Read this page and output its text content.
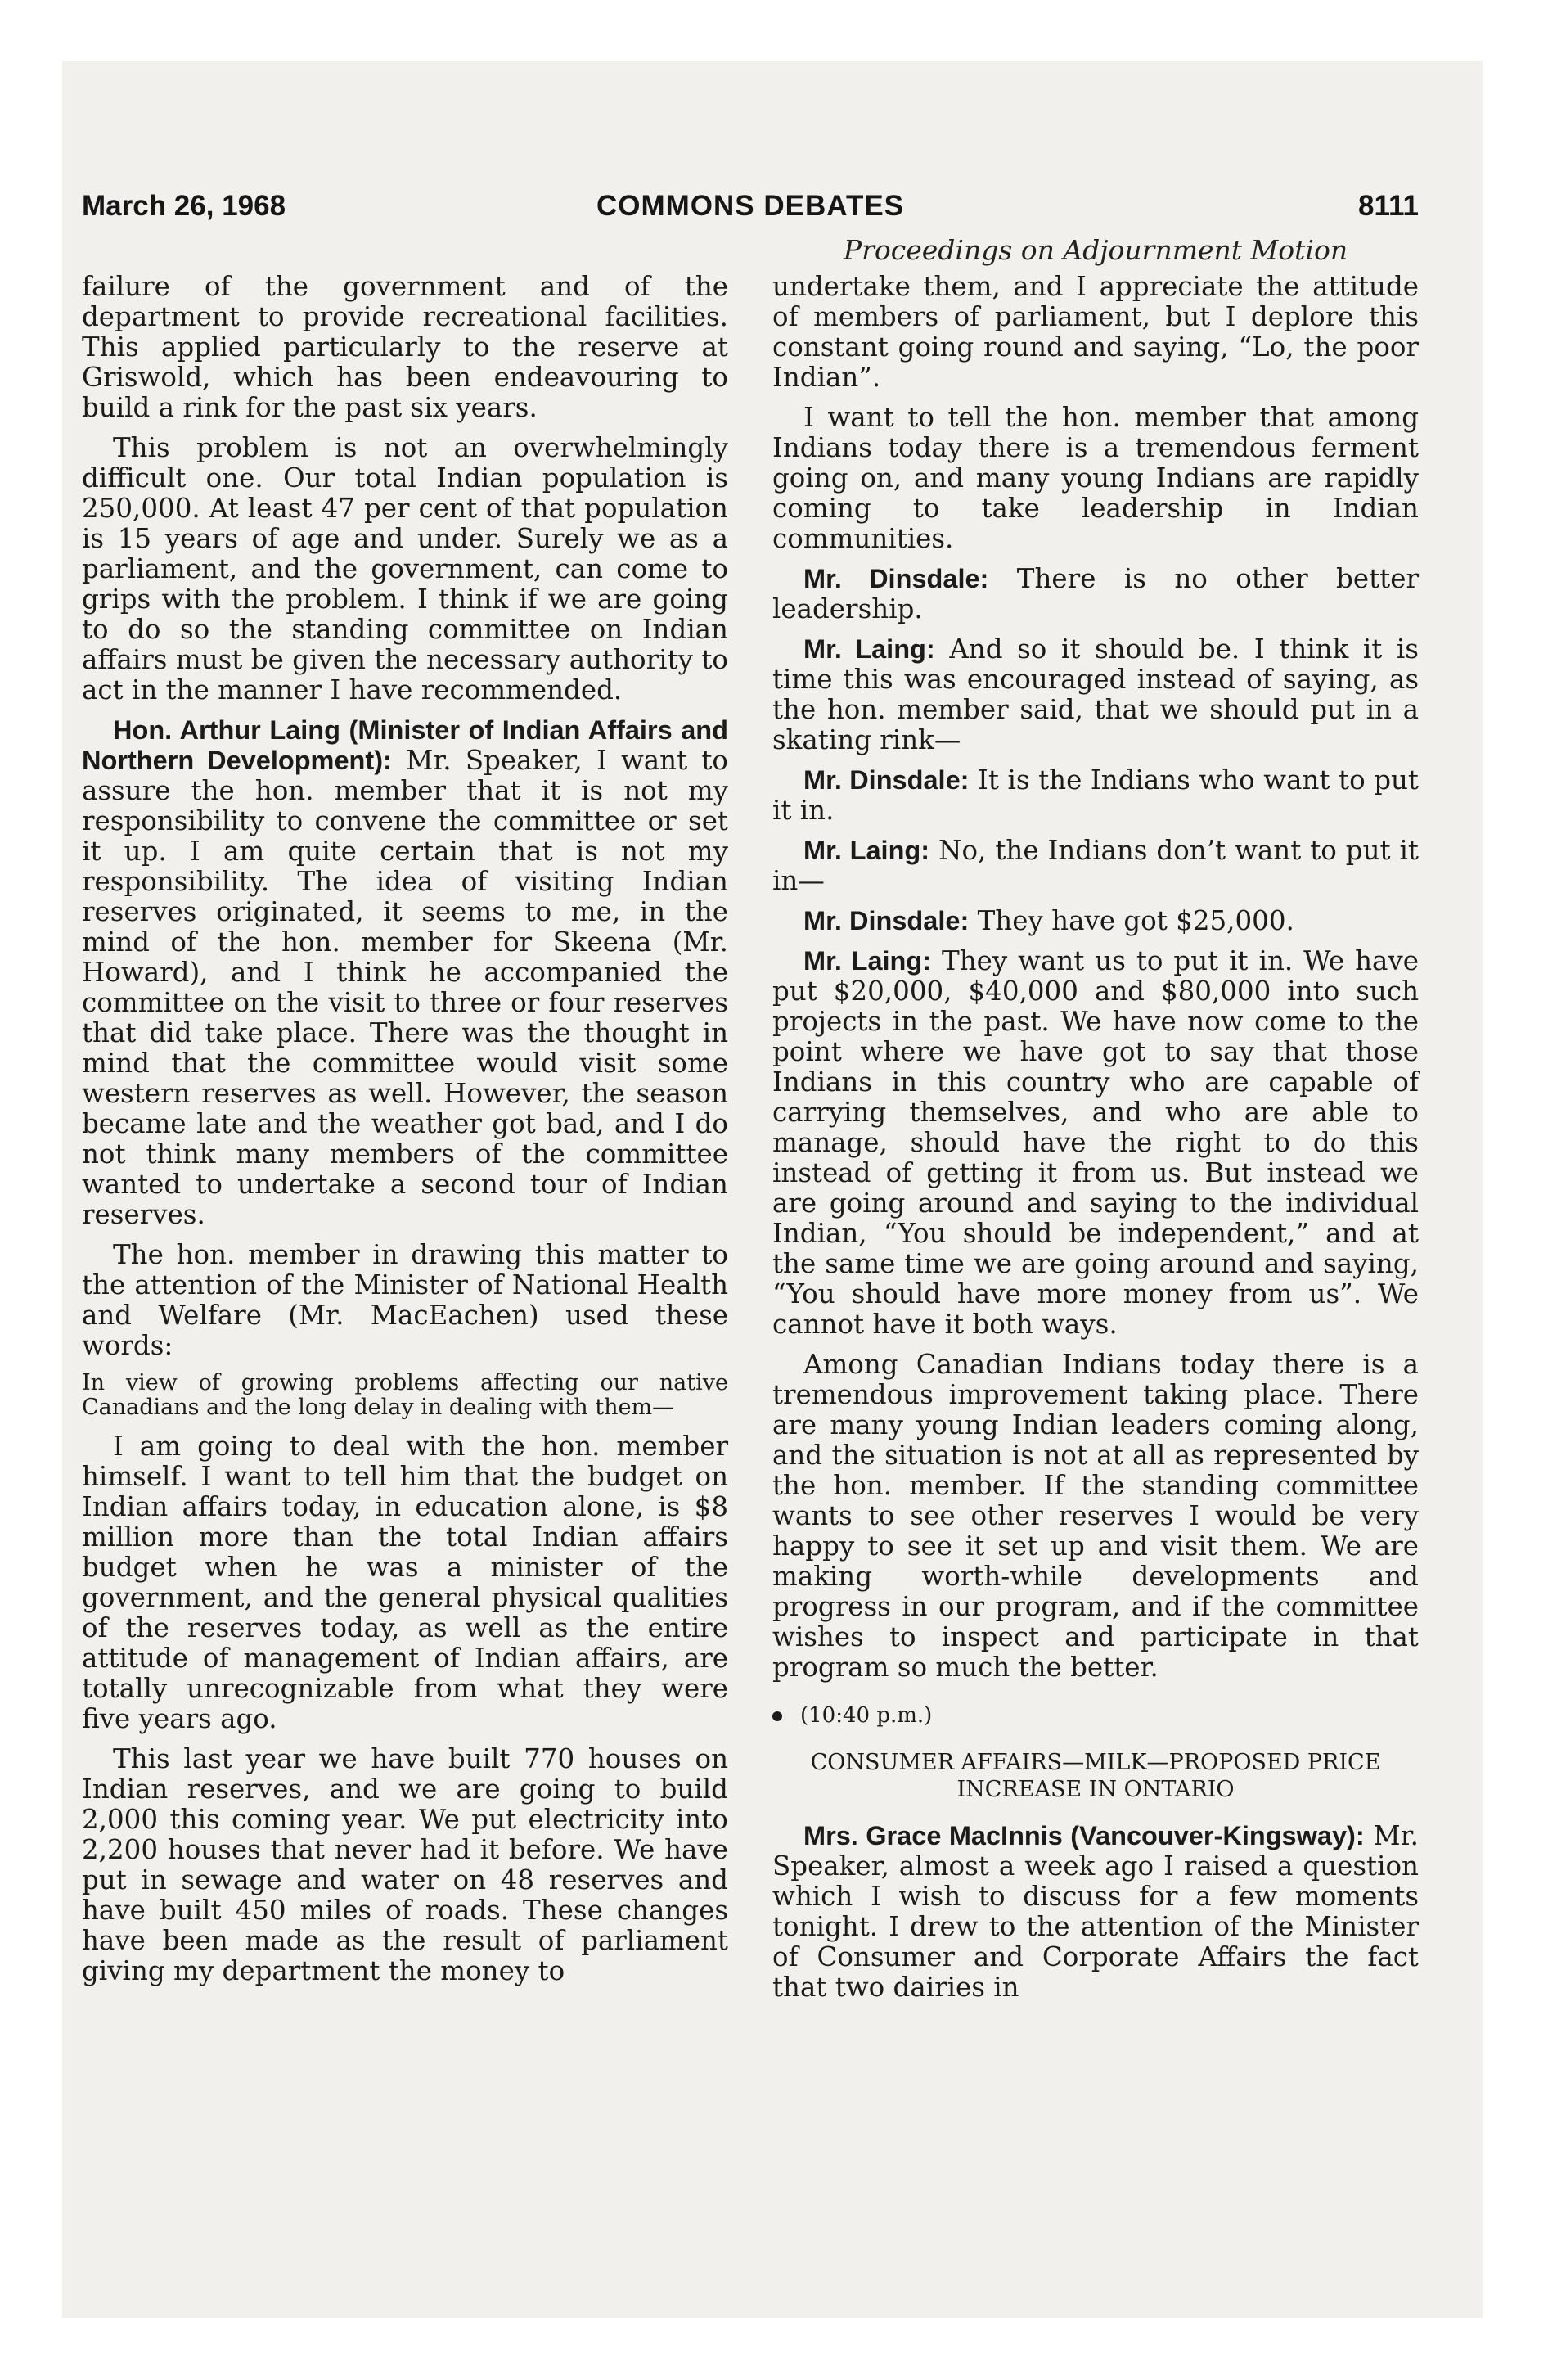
March 26, 1968	COMMONS DEBATES	8111
Proceedings on Adjournment Motion

failure of the government and of the department to provide recreational facilities. This applied particularly to the reserve at Griswold, which has been endeavouring to build a rink for the past six years.

This problem is not an overwhelmingly difficult one. Our total Indian population is 250,000. At least 47 per cent of that population is 15 years of age and under. Surely we as a parliament, and the government, can come to grips with the problem. I think if we are going to do so the standing committee on Indian affairs must be given the necessary authority to act in the manner I have recommended.

Hon. Arthur Laing (Minister of Indian Affairs and Northern Development): Mr. Speaker, I want to assure the hon. member that it is not my responsibility to convene the committee or set it up. I am quite certain that is not my responsibility. The idea of visiting Indian reserves originated, it seems to me, in the mind of the hon. member for Skeena (Mr. Howard), and I think he accompanied the committee on the visit to three or four reserves that did take place. There was the thought in mind that the committee would visit some western reserves as well. However, the season became late and the weather got bad, and I do not think many members of the committee wanted to undertake a second tour of Indian reserves.

The hon. member in drawing this matter to the attention of the Minister of National Health and Welfare (Mr. MacEachen) used these words:

In view of growing problems affecting our native Canadians and the long delay in dealing with them—

I am going to deal with the hon. member himself. I want to tell him that the budget on Indian affairs today, in education alone, is $8 million more than the total Indian affairs budget when he was a minister of the government, and the general physical qualities of the reserves today, as well as the entire attitude of management of Indian affairs, are totally unrecognizable from what they were five years ago.

This last year we have built 770 houses on Indian reserves, and we are going to build 2,000 this coming year. We put electricity into 2,200 houses that never had it before. We have put in sewage and water on 48 reserves and have built 450 miles of roads. These changes have been made as the result of parliament giving my department the money to

undertake them, and I appreciate the attitude of members of parliament, but I deplore this constant going round and saying, “Lo, the poor Indian”.

I want to tell the hon. member that among Indians today there is a tremendous ferment going on, and many young Indians are rapidly coming to take leadership in Indian communities.

Mr. Dinsdale: There is no other better leadership.

Mr. Laing: And so it should be. I think it is time this was encouraged instead of saying, as the hon. member said, that we should put in a skating rink—

Mr. Dinsdale: It is the Indians who want to put it in.

Mr. Laing: No, the Indians don’t want to put it in—

Mr. Dinsdale: They have got $25,000.

Mr. Laing: They want us to put it in. We have put $20,000, $40,000 and $80,000 into such projects in the past. We have now come to the point where we have got to say that those Indians in this country who are capable of carrying themselves, and who are able to manage, should have the right to do this instead of getting it from us. But instead we are going around and saying to the individual Indian, “You should be independent,” and at the same time we are going around and saying, “You should have more money from us”. We cannot have it both ways.

Among Canadian Indians today there is a tremendous improvement taking place. There are many young Indian leaders coming along, and the situation is not at all as represented by the hon. member. If the standing committee wants to see other reserves I would be very happy to see it set up and visit them. We are making worth-while developments and progress in our program, and if the committee wishes to inspect and participate in that program so much the better.

(10:40 p.m.)

CONSUMER AFFAIRS—MILK—PROPOSED PRICE INCREASE IN ONTARIO

Mrs. Grace MacInnis (Vancouver-Kingsway): Mr. Speaker, almost a week ago I raised a question which I wish to discuss for a few moments tonight. I drew to the attention of the Minister of Consumer and Corporate Affairs the fact that two dairies in
